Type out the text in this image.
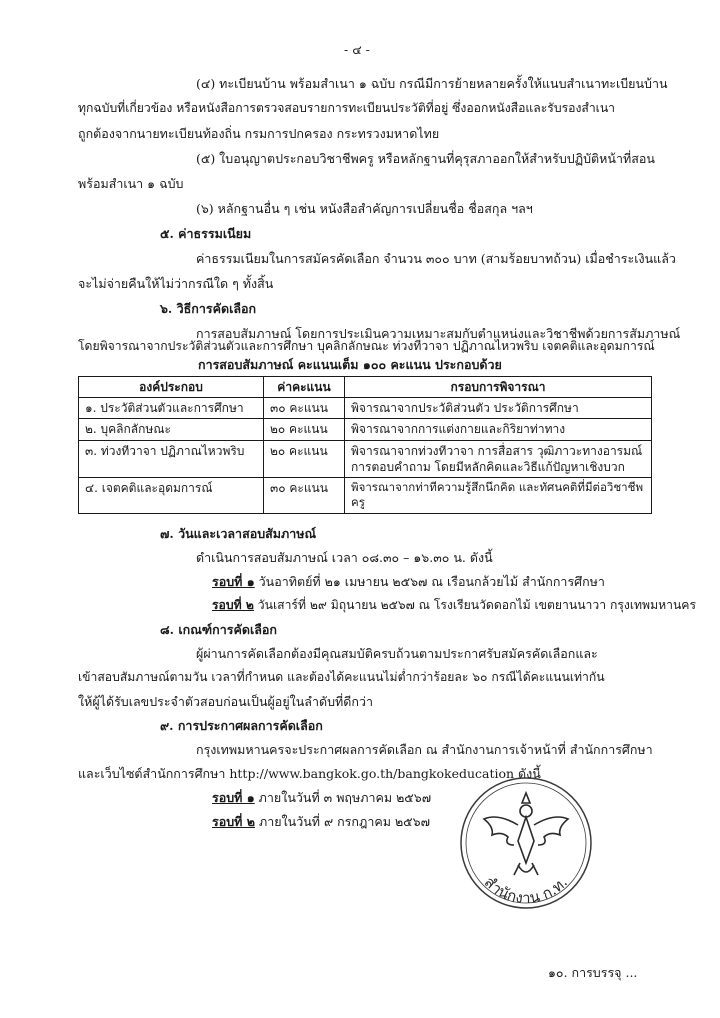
- ๔ -
(๔) ทะเบียนบ้าน พร้อมสำเนา ๑ ฉบับ กรณีมีการย้ายหลายครั้งให้แนบสำเนาทะเบียนบ้าน
ทุกฉบับที่เกี่ยวข้อง หรือหนังสือการตรวจสอบรายการทะเบียนประวัติที่อยู่ ซึ่งออกหนังสือและรับรองสำเนา
ถูกต้องจากนายทะเบียนท้องถิ่น กรมการปกครอง กระทรวงมหาดไทย
(๕) ใบอนุญาตประกอบวิชาชีพครู หรือหลักฐานที่คุรุสภาออกให้สำหรับปฏิบัติหน้าที่สอน
พร้อมสำเนา ๑ ฉบับ
(๖) หลักฐานอื่น ๆ เช่น หนังสือสำคัญการเปลี่ยนชื่อ ชื่อสกุล ฯลฯ
๕. ค่าธรรมเนียม
ค่าธรรมเนียมในการสมัครคัดเลือก จำนวน ๓๐๐ บาท (สามร้อยบาทถ้วน) เมื่อชำระเงินแล้ว
จะไม่จ่ายคืนให้ไม่ว่ากรณีใด ๆ ทั้งสิ้น
๖. วิธีการคัดเลือก
การสอบสัมภาษณ์ โดยการประเมินความเหมาะสมกับตำแหน่งและวิชาชีพด้วยการสัมภาษณ์
โดยพิจารณาจากประวัติส่วนตัวและการศึกษา บุคลิกลักษณะ ท่วงทีวาจา ปฏิภาณไหวพริบ เจตคติและอุดมการณ์
การสอบสัมภาษณ์ คะแนนเต็ม ๑๐๐ คะแนน ประกอบด้วย
องค์ประกอบ	ค่าคะแนน	กรอบการพิจารณา
๑. ประวัติส่วนตัวและการศึกษา	๓๐ คะแนน	พิจารณาจากประวัติส่วนตัว ประวัติการศึกษา
๒. บุคลิกลักษณะ	๒๐ คะแนน	พิจารณาจากการแต่งกายและกิริยาท่าทาง
๓. ท่วงทีวาจา ปฏิภาณไหวพริบ	๒๐ คะแนน	พิจารณาจากท่วงทีวาจา การสื่อสาร วุฒิภาวะทางอารมณ์
การตอบคำถาม โดยมีหลักคิดและวิธีแก้ปัญหาเชิงบวก

๔. เจตคติและอุดมการณ์	๓๐ คะแนน	พิจารณาจากท่าทีความรู้สึกนึกคิด และทัศนคติที่มีต่อวิชาชีพครู
๗. วันและเวลาสอบสัมภาษณ์
ดำเนินการสอบสัมภาษณ์ เวลา ๐๘.๓๐ – ๑๖.๓๐ น. ดังนี้
รอบที่ ๑ วันอาทิตย์ที่ ๒๑ เมษายน ๒๕๖๗ ณ เรือนกล้วยไม้ สำนักการศึกษา
รอบที่ ๒ วันเสาร์ที่ ๒๙ มิถุนายน ๒๕๖๗ ณ โรงเรียนวัดดอกไม้ เขตยานนาวา กรุงเทพมหานคร
๘. เกณฑ์การคัดเลือก
ผู้ผ่านการคัดเลือกต้องมีคุณสมบัติครบถ้วนตามประกาศรับสมัครคัดเลือกและ
เข้าสอบสัมภาษณ์ตามวัน เวลาที่กำหนด และต้องได้คะแนนไม่ต่ำกว่าร้อยละ ๖๐ กรณีได้คะแนนเท่ากัน
ให้ผู้ได้รับเลขประจำตัวสอบก่อนเป็นผู้อยู่ในลำดับที่ดีกว่า
๙. การประกาศผลการคัดเลือก
กรุงเทพมหานครจะประกาศผลการคัดเลือก ณ สำนักงานการเจ้าหน้าที่ สำนักการศึกษา
และเว็บไซต์สำนักการศึกษา http://www.bangkok.go.th/bangkokeducation ดังนี้
รอบที่ ๑ ภายในวันที่ ๓ พฤษภาคม ๒๕๖๗
รอบที่ ๒ ภายในวันที่ ๙ กรกฎาคม ๒๕๖๗
สำนักงาน ก.ท.
๑๐. การบรรจุ ...
